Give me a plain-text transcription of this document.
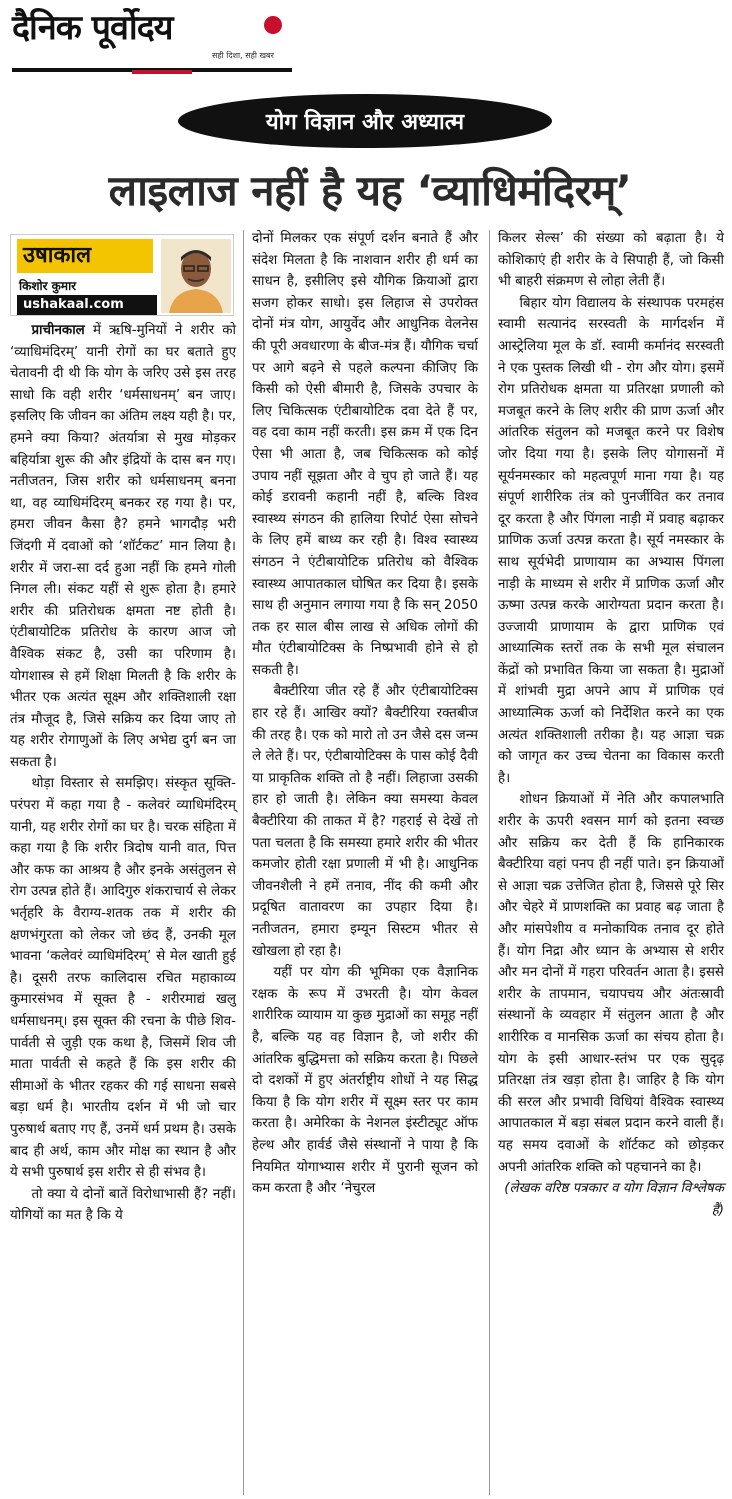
दैनिक पूर्वोदय
सही दिशा, सही खबर
योग विज्ञान और अध्यात्म
लाइलाज नहीं है यह ‘व्याधिमंदिरम्’
उषाकाल
किशोर कुमार
ushakaal.com

प्राचीनकाल में ऋषि-मुनियों ने शरीर को ‘व्याधिमंदिरम्’ यानी रोगों का घर बताते हुए चेतावनी दी थी कि योग के जरिए उसे इस तरह साधो कि वही शरीर ‘धर्मसाधनम्’ बन जाए। इसलिए कि जीवन का अंतिम लक्ष्य यही है। पर, हमने क्या किया? अंतर्यात्रा से मुख मोड़कर बहिर्यात्रा शुरू की और इंद्रियों के दास बन गए। नतीजतन, जिस शरीर को धर्मसाधनम् बनना था, वह व्याधिमंदिरम् बनकर रह गया है। पर, हमरा जीवन कैसा है? हमने भागदौड़ भरी जिंदगी में दवाओं को ‘शॉर्टकट’ मान लिया है। शरीर में जरा-सा दर्द हुआ नहीं कि हमने गोली निगल ली। संकट यहीं से शुरू होता है। हमारे शरीर की प्रतिरोधक क्षमता नष्ट होती है। एंटीबायोटिक प्रतिरोध के कारण आज जो वैश्विक संकट है, उसी का परिणाम है। योगशास्त्र से हमें शिक्षा मिलती है कि शरीर के भीतर एक अत्यंत सूक्ष्म और शक्तिशाली रक्षा तंत्र मौजूद है, जिसे सक्रिय कर दिया जाए तो यह शरीर रोगाणुओं के लिए अभेद्य दुर्ग बन जा सकता है।

थोड़ा विस्तार से समझिए। संस्कृत सूक्ति-परंपरा में कहा गया है - कलेवरं व्याधिमंदिरम् यानी, यह शरीर रोगों का घर है। चरक संहिता में कहा गया है कि शरीर त्रिदोष यानी वात, पित्त और कफ का आश्रय है और इनके असंतुलन से रोग उत्पन्न होते हैं। आदिगुरु शंकराचार्य से लेकर भर्तृहरि के वैराग्य-शतक तक में शरीर की क्षणभंगुरता को लेकर जो छंद हैं, उनकी मूल भावना ‘कलेवरं व्याधिमंदिरम्’ से मेल खाती हुई है। दूसरी तरफ कालिदास रचित महाकाव्य कुमारसंभव में सूक्त है - शरीरमाद्यं खलु धर्मसाधनम्। इस सूक्त की रचना के पीछे शिव-पार्वती से जुड़ी एक कथा है, जिसमें शिव जी माता पार्वती से कहते हैं कि इस शरीर की सीमाओं के भीतर रहकर की गई साधना सबसे बड़ा धर्म है। भारतीय दर्शन में भी जो चार पुरुषार्थ बताए गए हैं, उनमें धर्म प्रथम है। उसके बाद ही अर्थ, काम और मोक्ष का स्थान है और ये सभी पुरुषार्थ इस शरीर से ही संभव है।

तो क्या ये दोनों बातें विरोधाभासी हैं? नहीं। योगियों का मत है कि ये

दोनों मिलकर एक संपूर्ण दर्शन बनाते हैं और संदेश मिलता है कि नाशवान शरीर ही धर्म का साधन है, इसीलिए इसे यौगिक क्रियाओं द्वारा सजग होकर साधो। इस लिहाज से उपरोक्त दोनों मंत्र योग, आयुर्वेद और आधुनिक वेलनेस की पूरी अवधारणा के बीज-मंत्र हैं। यौगिक चर्चा पर आगे बढ़ने से पहले कल्पना कीजिए कि किसी को ऐसी बीमारी है, जिसके उपचार के लिए चिकित्सक एंटीबायोटिक दवा देते हैं पर, वह दवा काम नहीं करती। इस क्रम में एक दिन ऐसा भी आता है, जब चिकित्सक को कोई उपाय नहीं सूझता और वे चुप हो जाते हैं। यह कोई डरावनी कहानी नहीं है, बल्कि विश्व स्वास्थ्य संगठन की हालिया रिपोर्ट ऐसा सोचने के लिए हमें बाध्य कर रही है। विश्व स्वास्थ्य संगठन ने एंटीबायोटिक प्रतिरोध को वैश्विक स्वास्थ्य आपातकाल घोषित कर दिया है। इसके साथ ही अनुमान लगाया गया है कि सन् 2050 तक हर साल बीस लाख से अधिक लोगों की मौत एंटीबायोटिक्स के निष्प्रभावी होने से हो सकती है।

बैक्टीरिया जीत रहे हैं और एंटीबायोटिक्स हार रहे हैं। आखिर क्यों? बैक्टीरिया रक्तबीज की तरह है। एक को मारो तो उन जैसे दस जन्म ले लेते हैं। पर, एंटीबायोटिक्स के पास कोई दैवी या प्राकृतिक शक्ति तो है नहीं। लिहाजा उसकी हार हो जाती है। लेकिन क्या समस्या केवल बैक्टीरिया की ताकत में है? गहराई से देखें तो पता चलता है कि समस्या हमारे शरीर की भीतर कमजोर होती रक्षा प्रणाली में भी है। आधुनिक जीवनशैली ने हमें तनाव, नींद की कमी और प्रदूषित वातावरण का उपहार दिया है। नतीजतन, हमारा इम्यून सिस्टम भीतर से खोखला हो रहा है।

यहीं पर योग की भूमिका एक वैज्ञानिक रक्षक के रूप में उभरती है। योग केवल शारीरिक व्यायाम या कुछ मुद्राओं का समूह नहीं है, बल्कि यह वह विज्ञान है, जो शरीर की आंतरिक बुद्धिमत्ता को सक्रिय करता है। पिछले दो दशकों में हुए अंतर्राष्ट्रीय शोधों ने यह सिद्ध किया है कि योग शरीर में सूक्ष्म स्तर पर काम करता है। अमेरिका के नेशनल इंस्टीट्यूट ऑफ हेल्थ और हार्वर्ड जैसे संस्थानों ने पाया है कि नियमित योगाभ्यास शरीर में पुरानी सूजन को कम करता है और ‘नेचुरल

किलर सेल्स’ की संख्या को बढ़ाता है। ये कोशिकाएं ही शरीर के वे सिपाही हैं, जो किसी भी बाहरी संक्रमण से लोहा लेती हैं।

बिहार योग विद्यालय के संस्थापक परमहंस स्वामी सत्यानंद सरस्वती के मार्गदर्शन में आस्ट्रेलिया मूल के डॉ. स्वामी कर्मानंद सरस्वती ने एक पुस्तक लिखी थी - रोग और योग। इसमें रोग प्रतिरोधक क्षमता या प्रतिरक्षा प्रणाली को मजबूत करने के लिए शरीर की प्राण ऊर्जा और आंतरिक संतुलन को मजबूत करने पर विशेष जोर दिया गया है। इसके लिए योगासनों में सूर्यनमस्कार को महत्वपूर्ण माना गया है। यह संपूर्ण शारीरिक तंत्र को पुनर्जीवित कर तनाव दूर करता है और पिंगला नाड़ी में प्रवाह बढ़ाकर प्राणिक ऊर्जा उत्पन्न करता है। सूर्य नमस्कार के साथ सूर्यभेदी प्राणायाम का अभ्यास पिंगला नाड़ी के माध्यम से शरीर में प्राणिक ऊर्जा और ऊष्मा उत्पन्न करके आरोग्यता प्रदान करता है। उज्जायी प्राणायाम के द्वारा प्राणिक एवं आध्यात्मिक स्तरों तक के सभी मूल संचालन केंद्रों को प्रभावित किया जा सकता है। मुद्राओं में शांभवी मुद्रा अपने आप में प्राणिक एवं आध्यात्मिक ऊर्जा को निर्देशित करने का एक अत्यंत शक्तिशाली तरीका है। यह आज्ञा चक्र को जागृत कर उच्च चेतना का विकास करती है।

शोधन क्रियाओं में नेति और कपालभाति शरीर के ऊपरी श्वसन मार्ग को इतना स्वच्छ और सक्रिय कर देती हैं कि हानिकारक बैक्टीरिया वहां पनप ही नहीं पाते। इन क्रियाओं से आज्ञा चक्र उत्तेजित होता है, जिससे पूरे सिर और चेहरे में प्राणशक्ति का प्रवाह बढ़ जाता है और मांसपेशीय व मनोकायिक तनाव दूर होते हैं। योग निद्रा और ध्यान के अभ्यास से शरीर और मन दोनों में गहरा परिवर्तन आता है। इससे शरीर के तापमान, चयापचय और अंतःस्रावी संस्थानों के व्यवहार में संतुलन आता है और शारीरिक व मानसिक ऊर्जा का संचय होता है। योग के इसी आधार-स्तंभ पर एक सुदृढ़ प्रतिरक्षा तंत्र खड़ा होता है। जाहिर है कि योग की सरल और प्रभावी विधियां वैश्विक स्वास्थ्य आपातकाल में बड़ा संबल प्रदान करने वाली हैं। यह समय दवाओं के शॉर्टकट को छोड़कर अपनी आंतरिक शक्ति को पहचानने का है।

(लेखक वरिष्ठ पत्रकार व योग विज्ञान विश्लेषक हैं)
